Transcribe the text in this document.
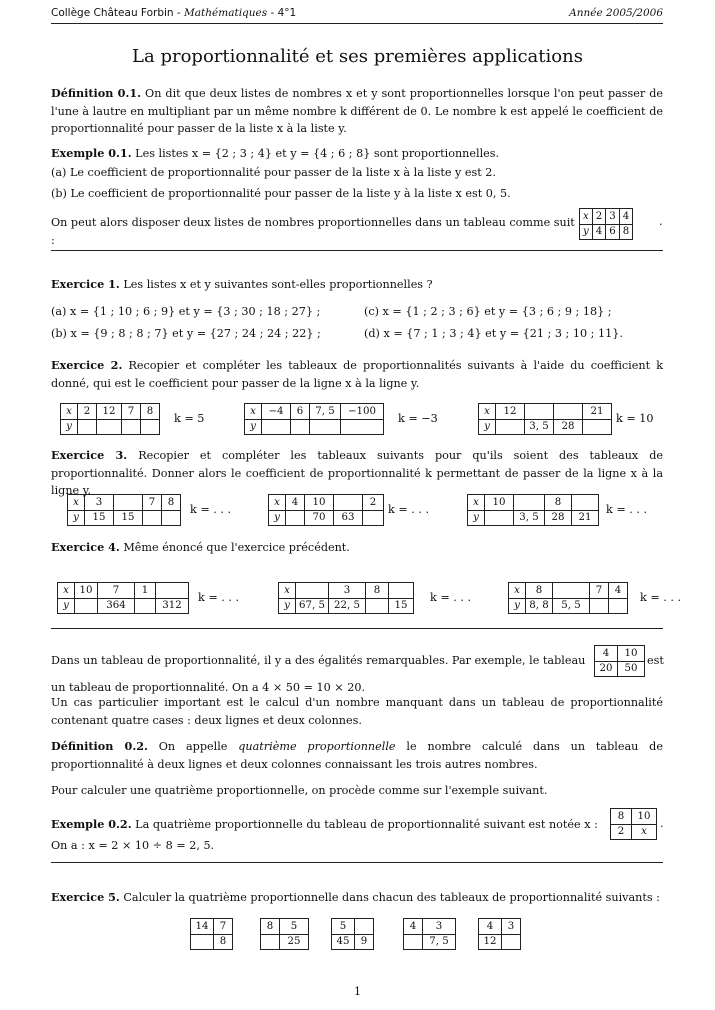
Collège Château Forbin - Mathématiques - 4°1	Année 2005/2006
La proportionnalité et ses premières applications
Définition 0.1. On dit que deux listes de nombres x et y sont proportionnelles lorsque l'on peut passer de l'une à lautre en multipliant par un même nombre k différent de 0. Le nombre k est appelé le coefficient de proportionnalité pour passer de la liste x à la liste y.
Exemple 0.1. Les listes x = {2 ; 3 ; 4} et y = {4 ; 6 ; 8} sont proportionnelles.
(a) Le coefficient de proportionnalité pour passer de la liste x à la liste y est 2.
(b) Le coefficient de proportionnalité pour passer de la liste y à la liste x est 0, 5.
On peut alors disposer deux listes de nombres proportionnelles dans un tableau comme suit :
x	2	3	4
y	4	6	8
.
Exercice 1. Les listes x et y suivantes sont-elles proportionnelles ?
(a) x = {1 ; 10 ; 6 ; 9} et y = {3 ; 30 ; 18 ; 27} ;	(c) x = {1 ; 2 ; 3 ; 6} et y = {3 ; 6 ; 9 ; 18} ;
(b) x = {9 ; 8 ; 8 ; 7} et y = {27 ; 24 ; 24 ; 22} ;	(d) x = {7 ; 1 ; 3 ; 4} et y = {21 ; 3 ; 10 ; 11}.
Exercice 2. Recopier et compléter les tableaux de proportionnalités suivants à l'aide du coefficient k donné, qui est le coefficient pour passer de la ligne x à la ligne y.
x	2	12	7	8
y				
k = 5
x	−4	6	7, 5	−100
y				
k = −3
x	12			21
y		3, 5	28	
k = 10
Exercice 3. Recopier et compléter les tableaux suivants pour qu'ils soient des tableaux de proportionnalité. Donner alors le coefficient de proportionnalité k permettant de passer de la ligne x à la ligne y.
x	3		7	8
y	15	15		
k = . . .
x	4	10		2
y		70	63	
k = . . .
x	10		8	
y		3, 5	28	21
k = . . .
Exercice 4. Même énoncé que l'exercice précédent.
x	10	7	1	
y		364		312
k = . . .
x		3	8	
y	67, 5	22, 5		15
k = . . .
x	8		7	4
y	8, 8	5, 5		
k = . . .
Dans un tableau de proportionnalité, il y a des égalités remarquables. Par exemple, le tableau
4	10
20	50
est
un tableau de proportionnalité. On a 4 × 50 = 10 × 20.
Un cas particulier important est le calcul d'un nombre manquant dans un tableau de proportionnalité contenant quatre cases : deux lignes et deux colonnes.
Définition 0.2. On appelle quatrième proportionnelle le nombre calculé dans un tableau de proportionnalité à deux lignes et deux colonnes connaissant les trois autres nombres.
Pour calculer une quatrième proportionnelle, on procède comme sur l'exemple suivant.
Exemple 0.2. La quatrième proportionnelle du tableau de proportionnalité suivant est notée x :
8	10
2	x
.
On a : x = 2 × 10 ÷ 8 = 2, 5.
Exercice 5. Calculer la quatrième proportionnelle dans chacun des tableaux de proportionnalité suivants :
14	7
	8
8	5
	25
5	
45	9
4	3
	7, 5
4	3
12	
1
